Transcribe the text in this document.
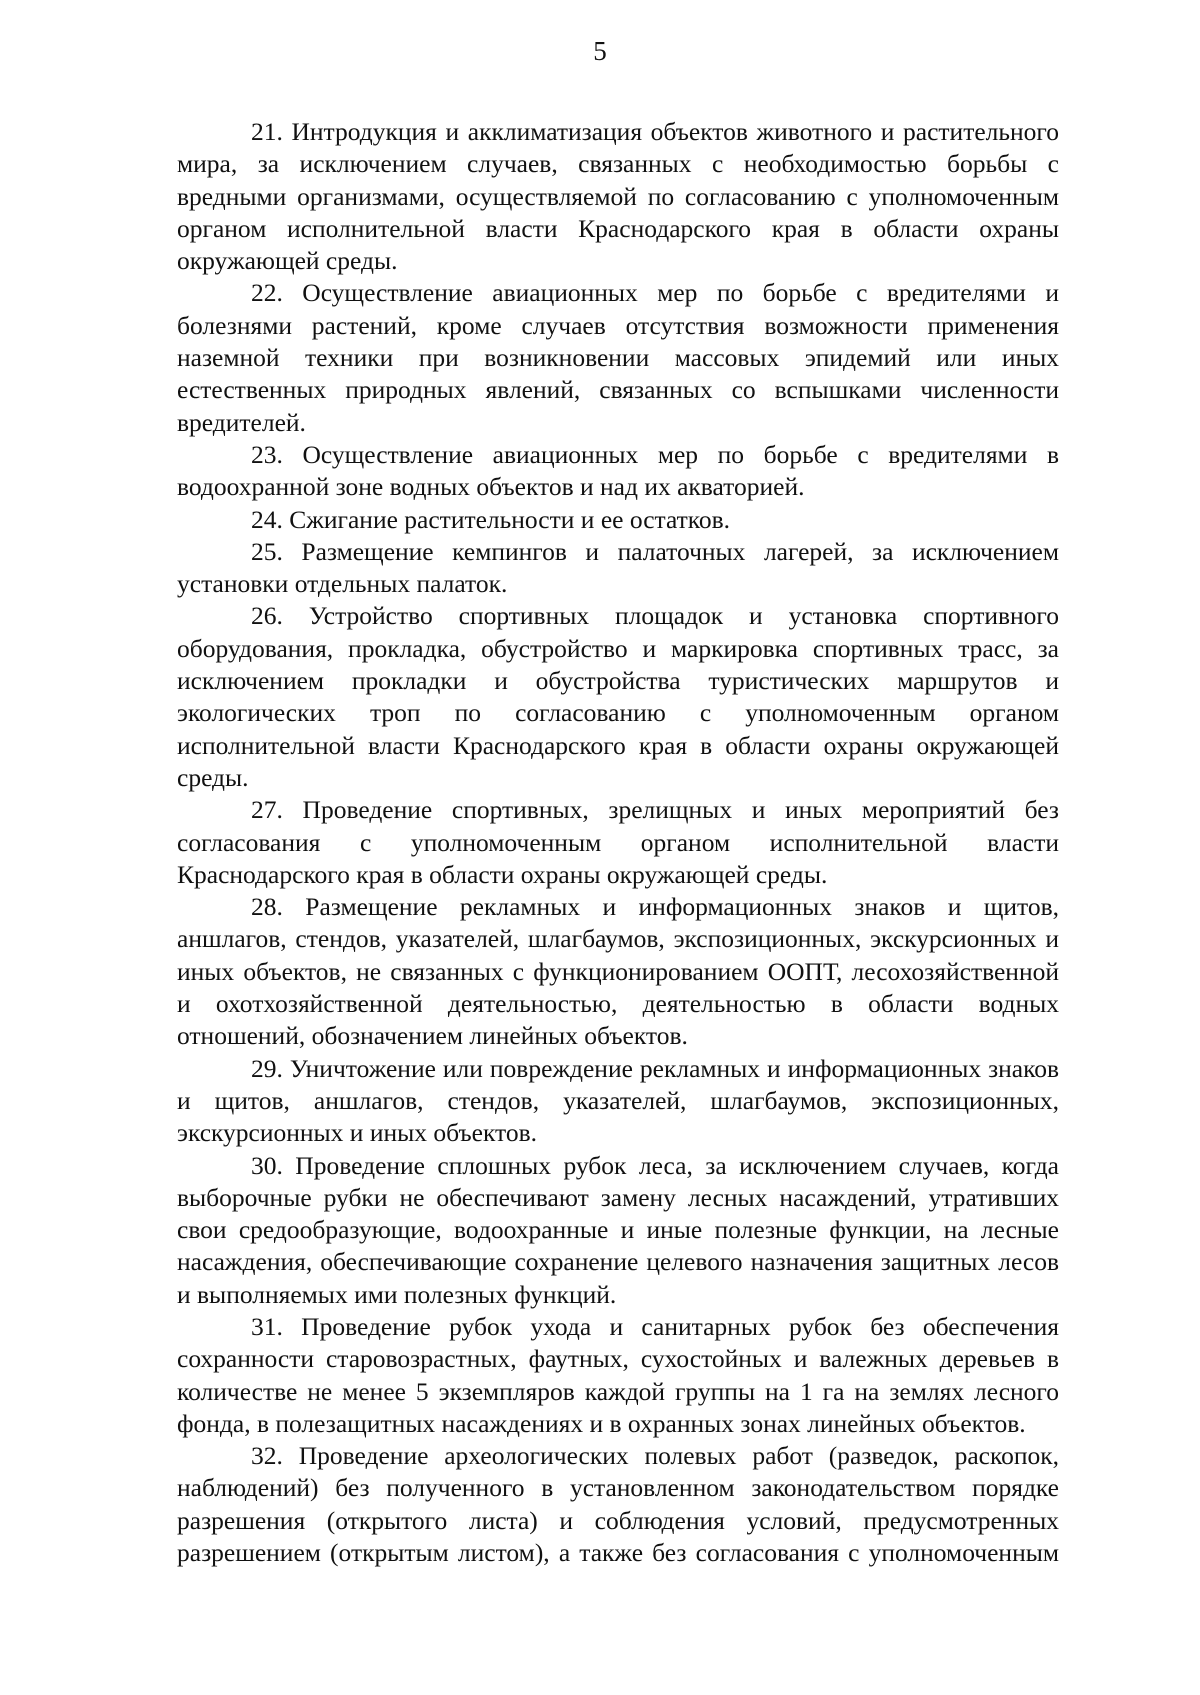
5

21. Интродукция и акклиматизация объектов животного и растительного мира, за исключением случаев, связанных с необходимостью борьбы с вредными организмами, осуществляемой по согласованию с уполномоченным органом исполнительной власти Краснодарского края в области охраны окружающей среды.

22. Осуществление авиационных мер по борьбе с вредителями и болезнями растений, кроме случаев отсутствия возможности применения наземной техники при возникновении массовых эпидемий или иных естественных природных явлений, связанных со вспышками численности вредителей.

23. Осуществление авиационных мер по борьбе с вредителями в водоохранной зоне водных объектов и над их акваторией.

24. Сжигание растительности и ее остатков.

25. Размещение кемпингов и палаточных лагерей, за исключением установки отдельных палаток.

26. Устройство спортивных площадок и установка спортивного оборудования, прокладка, обустройство и маркировка спортивных трасс, за исключением прокладки и обустройства туристических маршрутов и экологических троп по согласованию с уполномоченным органом исполнительной власти Краснодарского края в области охраны окружающей среды.

27. Проведение спортивных, зрелищных и иных мероприятий без согласования с уполномоченным органом исполнительной власти Краснодарского края в области охраны окружающей среды.

28. Размещение рекламных и информационных знаков и щитов, аншлагов, стендов, указателей, шлагбаумов, экспозиционных, экскурсионных и иных объектов, не связанных с функционированием ООПТ, лесохозяйственной и охотхозяйственной деятельностью, деятельностью в области водных отношений, обозначением линейных объектов.

29. Уничтожение или повреждение рекламных и информационных знаков и щитов, аншлагов, стендов, указателей, шлагбаумов, экспозиционных, экскурсионных и иных объектов.

30. Проведение сплошных рубок леса, за исключением случаев, когда выборочные рубки не обеспечивают замену лесных насаждений, утративших свои средообразующие, водоохранные и иные полезные функции, на лесные насаждения, обеспечивающие сохранение целевого назначения защитных лесов и выполняемых ими полезных функций.

31. Проведение рубок ухода и санитарных рубок без обеспечения сохранности старовозрастных, фаутных, сухостойных и валежных деревьев в количестве не менее 5 экземпляров каждой группы на 1 га на землях лесного фонда, в полезащитных насаждениях и в охранных зонах линейных объектов.

32. Проведение археологических полевых работ (разведок, раскопок, наблюдений) без полученного в установленном законодательством порядке разрешения (открытого листа) и соблюдения условий, предусмотренных разрешением (открытым листом), а также без согласования с уполномоченным
